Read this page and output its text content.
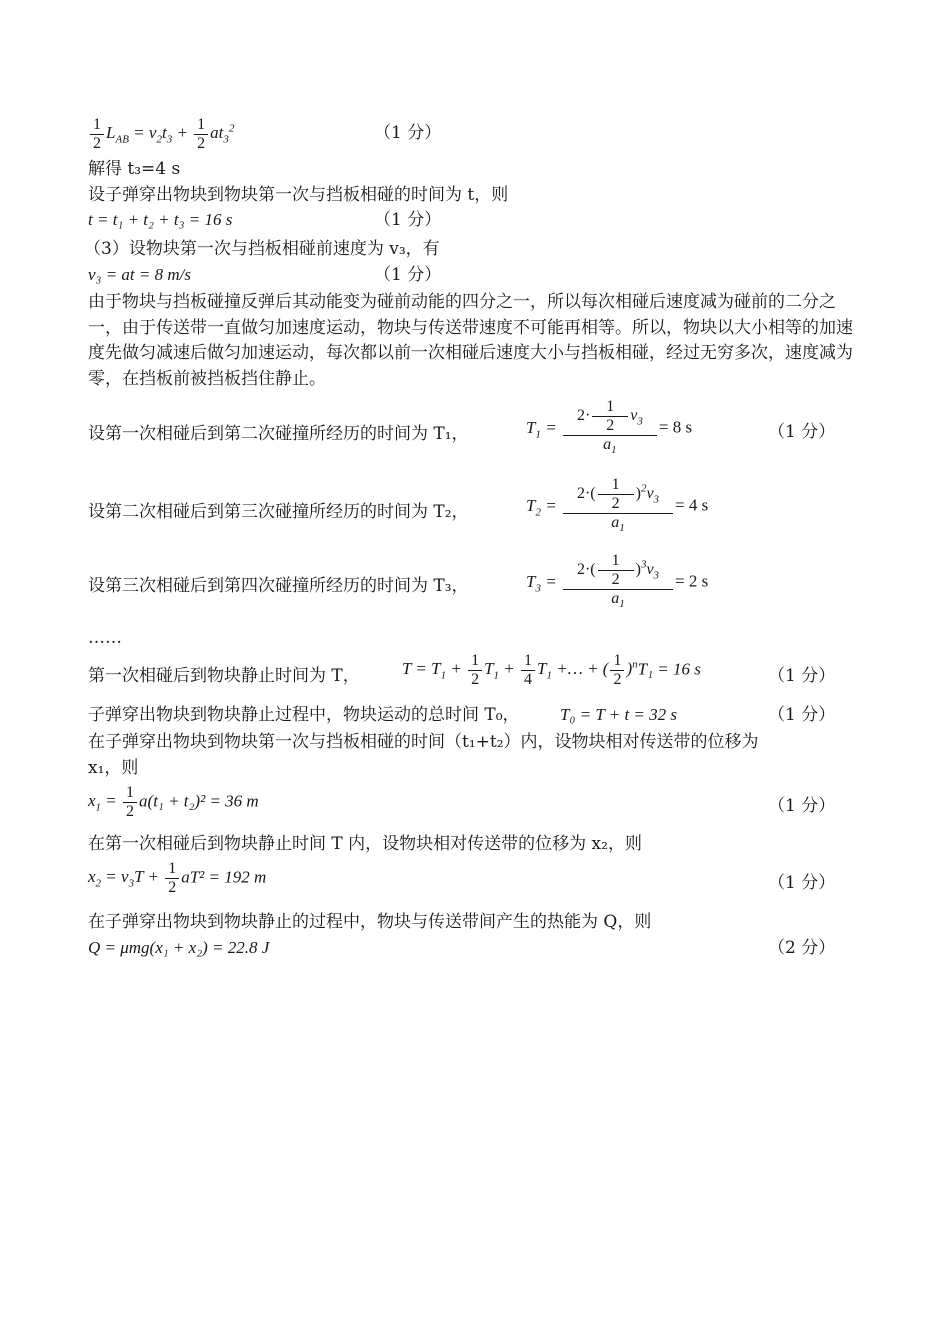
$\frac{1}{2} L_{AB} = v_2t_3 + \frac{1}{2} at_3^2$	（1 分）
解得 t₃=4 s
设子弹穿出物块到物块第一次与挡板相碰的时间为 t，则
t = t₁ + t₂ + t₃ = 16 s	（1 分）
（3）设物块第一次与挡板相碰前速度为 v₃，有
v₃ = at = 8 m/s	（1 分）
由于物块与挡板碰撞反弹后其动能变为碰前动能的四分之一，所以每次相碰后速度减为碰前的二分之一，由于传送带一直做匀加速度运动，物块与传送带速度不可能再相等。所以，物块以大小相等的加速度先做匀减速后做匀加速运动，每次都以前一次相碰后速度大小与挡板相碰，经过无穷多次，速度减为零，在挡板前被挡板挡住静止。
设第一次相碰后到第二次碰撞所经历的时间为 T₁，	$T_1 = \frac{2\cdot \frac{1}{2} v_3}{a_1} = 8$ s	（1 分）
设第二次相碰后到第三次碰撞所经历的时间为 T₂，	$T_2 = \frac{2\cdot( \frac{1}{2} )^2v_3}{a_1} = 4$ s
设第三次相碰后到第四次碰撞所经历的时间为 T₃，	$T_3 = \frac{2\cdot( \frac{1}{2} )^3v_3}{a_1} = 2$ s
……
第一次相碰后到物块静止时间为 T， $T = T_1 + \frac{1}{2} T_1 + \frac{1}{4} T_1$ +… + ( $\frac{1}{2} )^nT_1 = 16$ s	（1 分）
子弹穿出物块到物块静止过程中，物块运动的总时间 T₀， T₀ = T + t = 32 s	（1 分）
在子弹穿出物块到物块第一次与挡板相碰的时间（t₁+t₂）内，设物块相对传送带的位移为
x₁，则
$x_1 = \frac{1}{2} a(t_1 + t_2)^2 = 36$ m	（1 分）
在第一次相碰后到物块静止时间 T 内，设物块相对传送带的位移为 x₂，则
$x_2 = v_3T + \frac{1}{2} aT^2 = 192$ m	（1 分）
在子弹穿出物块到物块静止的过程中，物块与传送带间产生的热能为 Q，则
Q = μmg(x₁ + x₂) = 22.8 J	（2 分）
